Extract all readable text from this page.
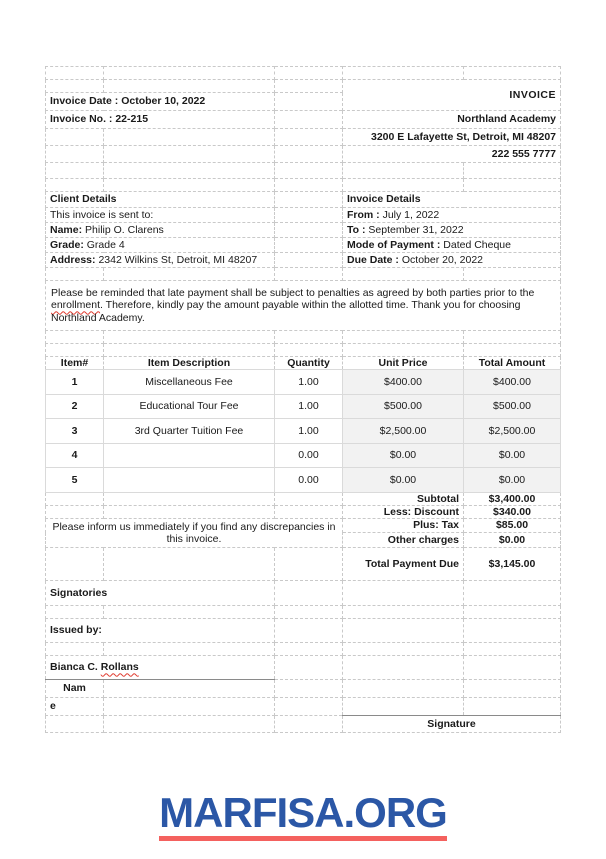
			INVOICE	
Invoice Date : October 10, 2022				
Invoice No. : 22-215			Northland Academy	
			3200 E Lafayette St, Detroit, MI 48207	
			222 555 7777	

Client Details			Invoice Details	
This invoice is sent to:			From : July 1, 2022	
Name: Philip O. Clarens			To : September 31, 2022	
Grade: Grade 4			Mode of Payment : Dated Cheque	
Address: 2342 Wilkins St, Detroit, MI 48207			Due Date : October 20, 2022	

Please be reminded that late payment shall be subject to penalties as agreed by both parties prior to the enrollment. Therefore, kindly pay the amount payable within the allotted time. Thank you for choosing Northland Academy.				

Item#	Item Description	Quantity	Unit Price	Total Amount
1	Miscellaneous Fee	1.00	$400.00	$400.00
2	Educational Tour Fee	1.00	$500.00	$500.00
3	3rd Quarter Tuition Fee	1.00	$2,500.00	$2,500.00
4		0.00	$0.00	$0.00
5		0.00	$0.00	$0.00
			Subtotal	$3,400.00
			Less: Discount	$340.00
Please inform us immediately if you find any discrepancies in this invoice.			Plus: Tax	$85.00
			Other charges	$0.00
			Total Payment Due	$3,145.00
Signatories				

Issued by:				

Bianca C. Rollans				
Nam				
e				
			Signature	
MARFISA.ORG
